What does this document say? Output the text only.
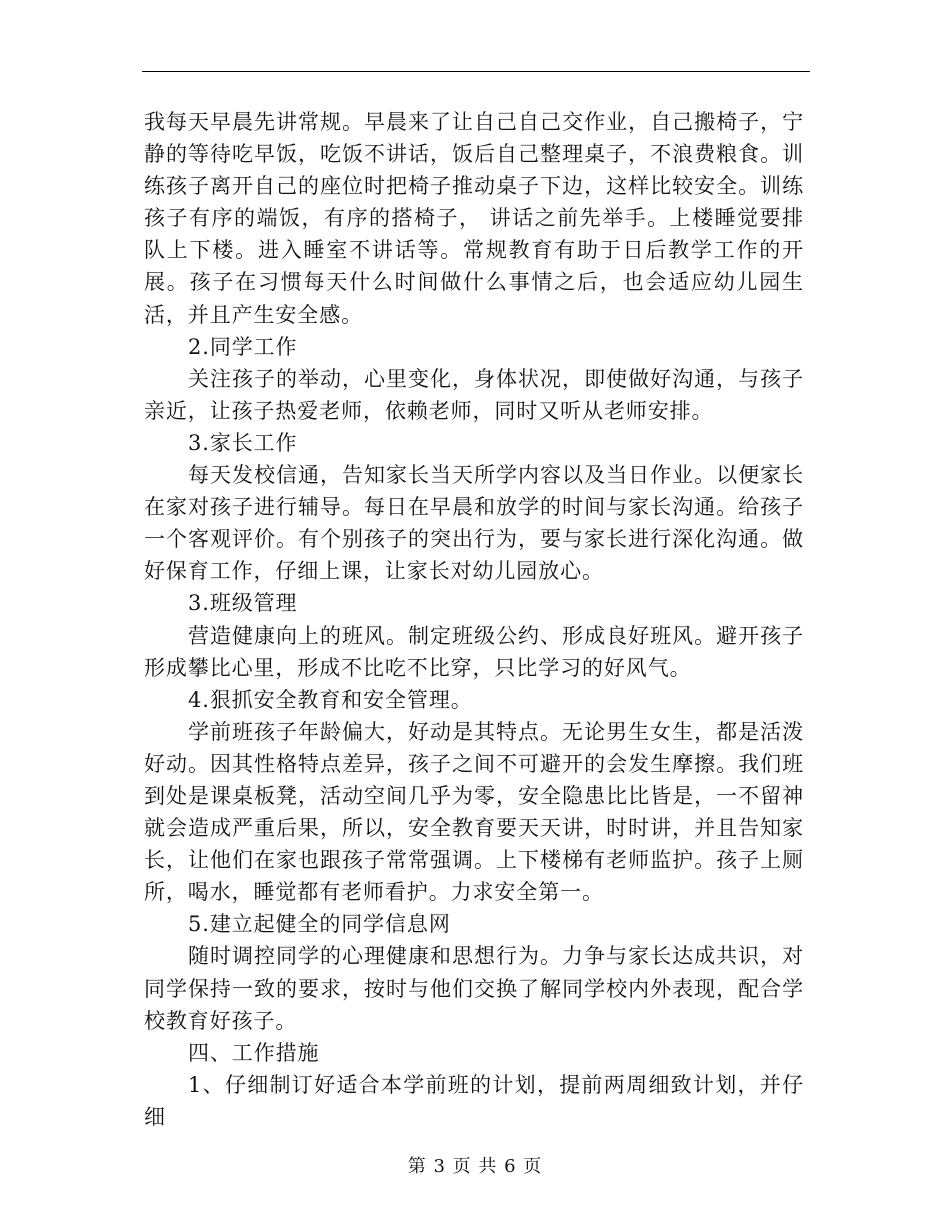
我每天早晨先讲常规。早晨来了让自己自己交作业，自己搬椅子，宁静的等待吃早饭，吃饭不讲话，饭后自己整理桌子，不浪费粮食。训练孩子离开自己的座位时把椅子推动桌子下边，这样比较安全。训练孩子有序的端饭，有序的搭椅子， 讲话之前先举手。上楼睡觉要排队上下楼。进入睡室不讲话等。常规教育有助于日后教学工作的开展。孩子在习惯每天什么时间做什么事情之后，也会适应幼儿园生活，并且产生安全感。

2.同学工作

关注孩子的举动，心里变化，身体状况，即使做好沟通，与孩子亲近，让孩子热爱老师，依赖老师，同时又听从老师安排。

3.家长工作

每天发校信通，告知家长当天所学内容以及当日作业。以便家长在家对孩子进行辅导。每日在早晨和放学的时间与家长沟通。给孩子一个客观评价。有个别孩子的突出行为，要与家长进行深化沟通。做好保育工作，仔细上课，让家长对幼儿园放心。

3.班级管理

营造健康向上的班风。制定班级公约、形成良好班风。避开孩子形成攀比心里，形成不比吃不比穿，只比学习的好风气。

4.狠抓安全教育和安全管理。

学前班孩子年龄偏大，好动是其特点。无论男生女生，都是活泼好动。因其性格特点差异，孩子之间不可避开的会发生摩擦。我们班到处是课桌板凳，活动空间几乎为零，安全隐患比比皆是，一不留神就会造成严重后果，所以，安全教育要天天讲，时时讲，并且告知家长，让他们在家也跟孩子常常强调。上下楼梯有老师监护。孩子上厕所，喝水，睡觉都有老师看护。力求安全第一。

5.建立起健全的同学信息网

随时调控同学的心理健康和思想行为。力争与家长达成共识，对同学保持一致的要求，按时与他们交换了解同学校内外表现，配合学校教育好孩子。

四、工作措施

1、仔细制订好适合本学前班的计划，提前两周细致计划，并仔细

第 3 页 共 6 页
